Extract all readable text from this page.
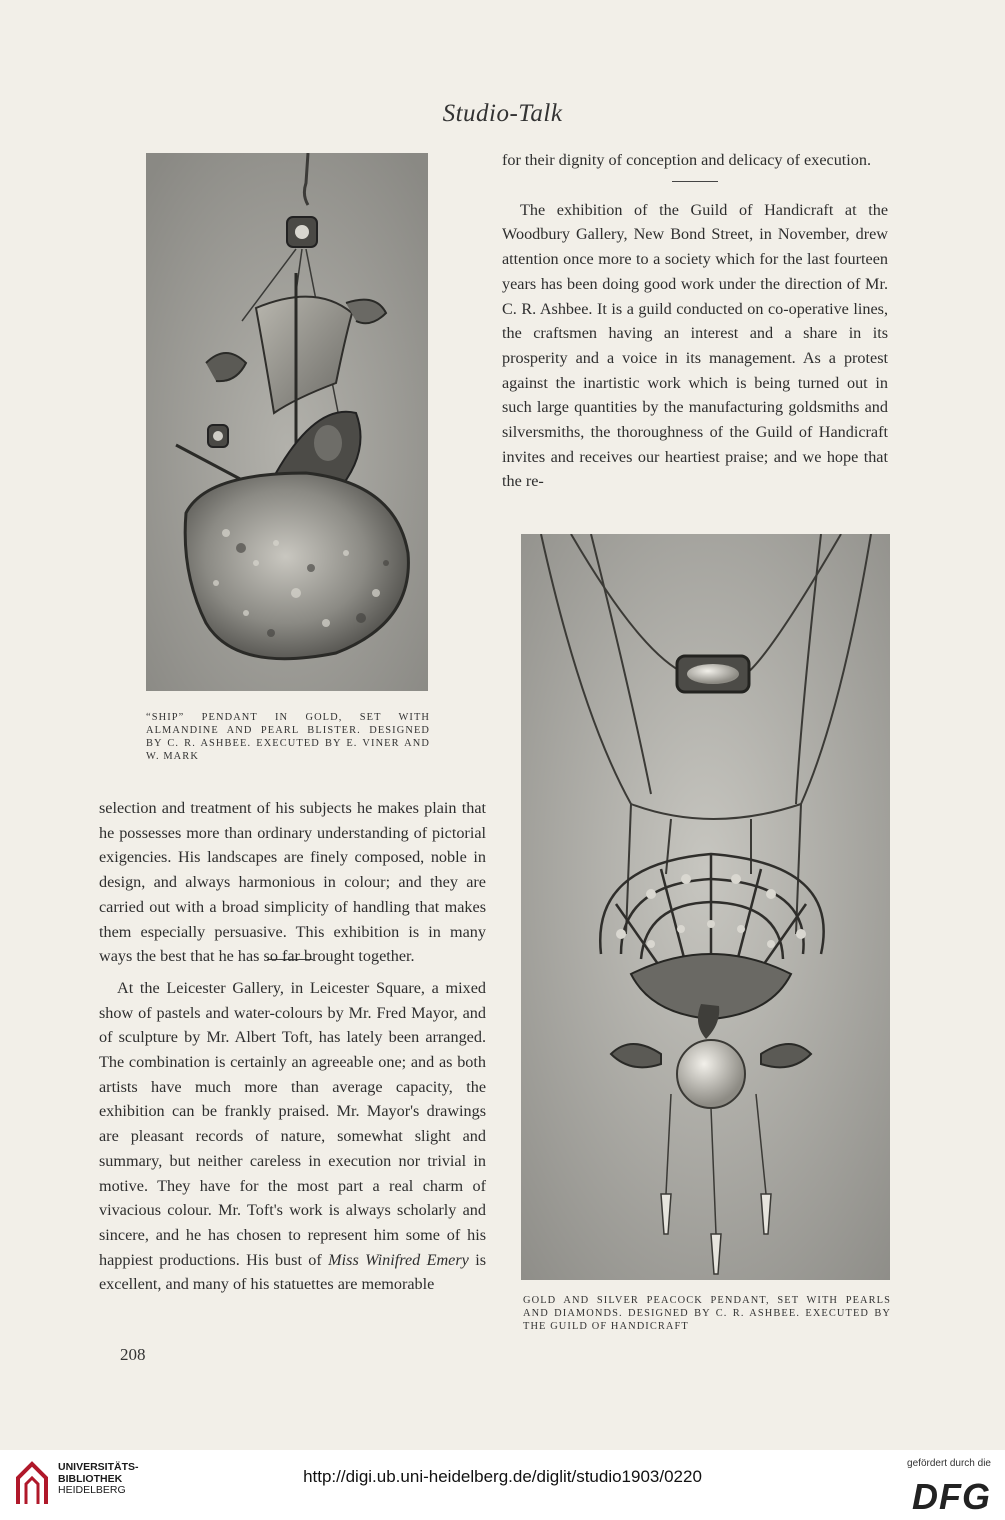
Studio-Talk
“SHIP” PENDANT IN GOLD, SET WITH ALMANDINE AND PEARL BLISTER. DESIGNED BY C. R. ASHBEE. EXECUTED BY E. VINER AND W. MARK

for their dignity of conception and delicacy of execution.

The exhibition of the Guild of Handicraft at the Woodbury Gallery, New Bond Street, in November, drew attention once more to a society which for the last fourteen years has been doing good work under the direction of Mr. C. R. Ashbee. It is a guild conducted on co-operative lines, the craftsmen having an interest and a share in its prosperity and a voice in its management. As a protest against the inartistic work which is being turned out in such large quantities by the manufacturing goldsmiths and silversmiths, the thoroughness of the Guild of Handicraft invites and receives our heartiest praise; and we hope that the re-

selection and treatment of his subjects he makes plain that he possesses more than ordinary understanding of pictorial exigencies. His landscapes are finely composed, noble in design, and always harmonious in colour; and they are carried out with a broad simplicity of handling that makes them especially persuasive. This exhibition is in many ways the best that he has so far brought together.

At the Leicester Gallery, in Leicester Square, a mixed show of pastels and water-colours by Mr. Fred Mayor, and of sculpture by Mr. Albert Toft, has lately been arranged. The combination is certainly an agreeable one; and as both artists have much more than average capacity, the exhibition can be frankly praised. Mr. Mayor's drawings are pleasant records of nature, somewhat slight and summary, but neither careless in execution nor trivial in motive. They have for the most part a real charm of vivacious colour. Mr. Toft's work is always scholarly and sincere, and he has chosen to represent him some of his happiest productions. His bust of Miss Winifred Emery is excellent, and many of his statuettes are memorable

GOLD AND SILVER PEACOCK PENDANT, SET WITH PEARLS AND DIAMONDS. DESIGNED BY C. R. ASHBEE. EXECUTED BY THE GUILD OF HANDICRAFT
208
UNIVERSITÄTS-
BIBLIOTHEK
HEIDELBERG
http://digi.ub.uni-heidelberg.de/diglit/studio1903/0220
gefördert durch die
DFG
